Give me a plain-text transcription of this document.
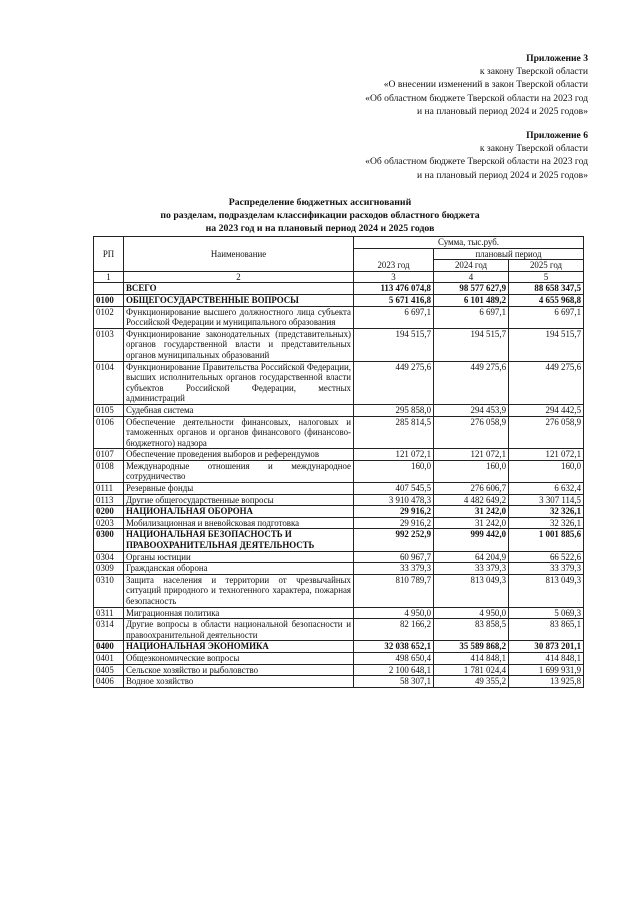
Приложение 3
к закону Тверской области
«О внесении изменений в закон Тверской области
«Об областном бюджете Тверской области на 2023 год
и на плановый период 2024 и 2025 годов»
Приложение 6
к закону Тверской области
«Об областном бюджете Тверской области на 2023 год
и на плановый период 2024 и 2025 годов»
Распределение бюджетных ассигнований
по разделам, подразделам классификации расходов областного бюджета
на 2023 год и на плановый период 2024 и 2025 годов
РП	Наименование	Сумма, тыс.руб.		
		2023 год	плановый период	
			2024 год	2025 год
1	2	3	4	5
	ВСЕГО	113 476 074,8	98 577 627,9	88 658 347,5
0100	ОБЩЕГОСУДАРСТВЕННЫЕ ВОПРОСЫ	5 671 416,8	6 101 489,2	4 655 968,8
0102	Функционирование высшего должностного лица субъекта Российской Федерации и муниципального образования	6 697,1	6 697,1	6 697,1
0103	Функционирование законодательных (представительных) органов государственной власти и представительных органов муниципальных образований	194 515,7	194 515,7	194 515,7
0104	Функционирование Правительства Российской Федерации, высших исполнительных органов государственной власти субъектов Российской Федерации, местных администраций	449 275,6	449 275,6	449 275,6
0105	Судебная система	295 858,0	294 453,9	294 442,5
0106	Обеспечение деятельности финансовых, налоговых и таможенных органов и органов финансового (финансово-бюджетного) надзора	285 814,5	276 058,9	276 058,9
0107	Обеспечение проведения выборов и референдумов	121 072,1	121 072,1	121 072,1
0108	Международные отношения и международное сотрудничество	160,0	160,0	160,0
0111	Резервные фонды	407 545,5	276 606,7	6 632,4
0113	Другие общегосударственные вопросы	3 910 478,3	4 482 649,2	3 307 114,5
0200	НАЦИОНАЛЬНАЯ ОБОРОНА	29 916,2	31 242,0	32 326,1
0203	Мобилизационная и вневойсковая подготовка	29 916,2	31 242,0	32 326,1
0300	НАЦИОНАЛЬНАЯ БЕЗОПАСНОСТЬ И ПРАВООХРАНИТЕЛЬНАЯ ДЕЯТЕЛЬНОСТЬ	992 252,9	999 442,0	1 001 885,6
0304	Органы юстиции	60 967,7	64 204,9	66 522,6
0309	Гражданская оборона	33 379,3	33 379,3	33 379,3
0310	Защита населения и территории от чрезвычайных ситуаций природного и техногенного характера, пожарная безопасность	810 789,7	813 049,3	813 049,3
0311	Миграционная политика	4 950,0	4 950,0	5 069,3
0314	Другие вопросы в области национальной безопасности и правоохранительной деятельности	82 166,2	83 858,5	83 865,1
0400	НАЦИОНАЛЬНАЯ ЭКОНОМИКА	32 038 652,1	35 589 868,2	30 873 201,1
0401	Общеэкономические вопросы	498 650,4	414 848,1	414 848,1
0405	Сельское хозяйство и рыболовство	2 100 648,1	1 781 024,4	1 699 931,9
0406	Водное хозяйство	58 307,1	49 355,2	13 925,8
